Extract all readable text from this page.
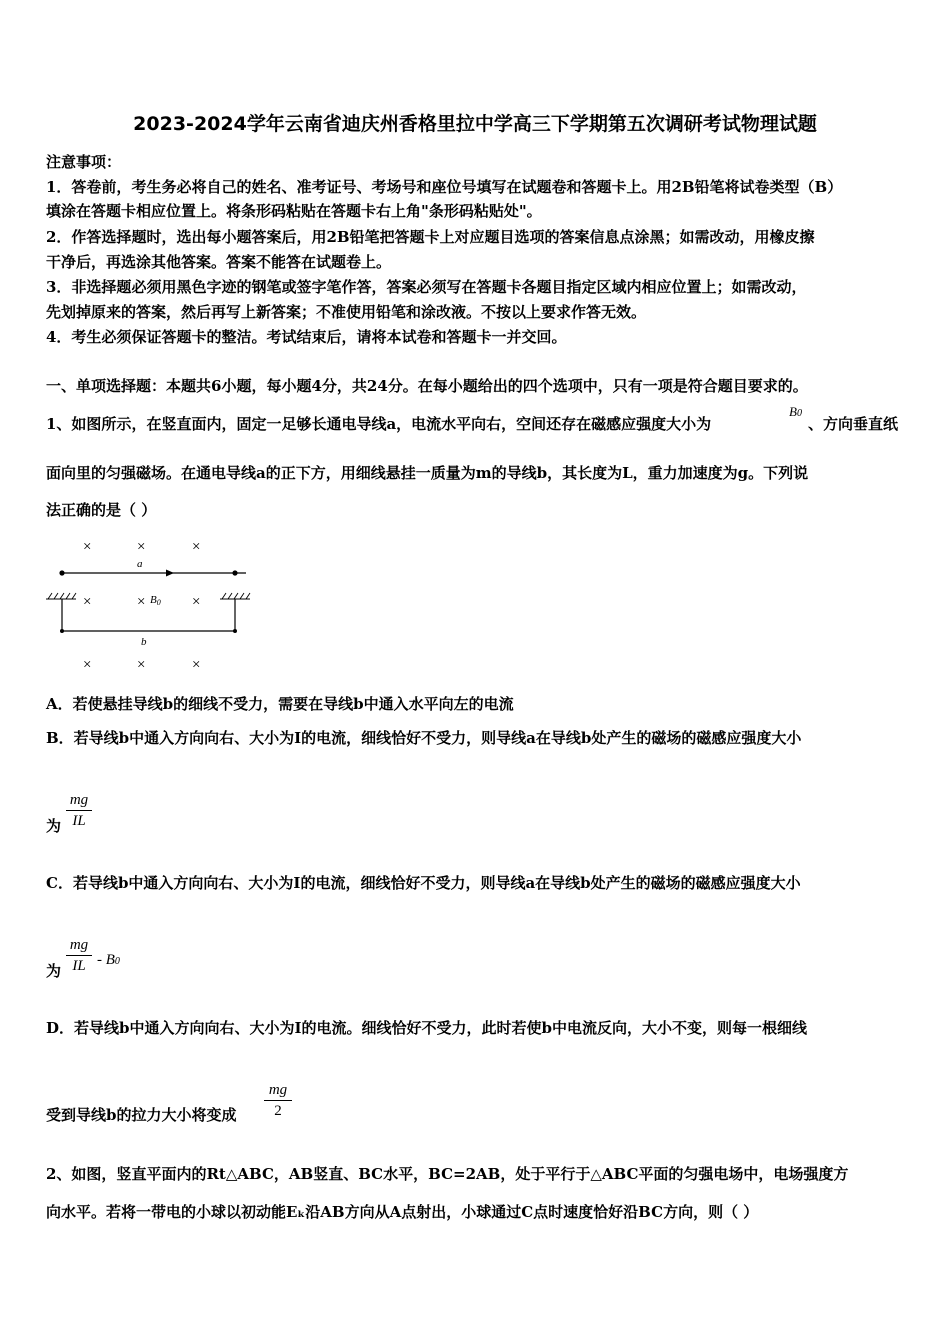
2023-2024学年云南省迪庆州香格里拉中学高三下学期第五次调研考试物理试题
注意事项：
1．答卷前，考生务必将自己的姓名、准考证号、考场号和座位号填写在试题卷和答题卡上。用2B铅笔将试卷类型（B）
填涂在答题卡相应位置上。将条形码粘贴在答题卡右上角"条形码粘贴处"。
2．作答选择题时，选出每小题答案后，用2B铅笔把答题卡上对应题目选项的答案信息点涂黑；如需改动，用橡皮擦
干净后，再选涂其他答案。答案不能答在试题卷上。
3．非选择题必须用黑色字迹的钢笔或签字笔作答，答案必须写在答题卡各题目指定区域内相应位置上；如需改动，
先划掉原来的答案，然后再写上新答案；不准使用铅笔和涂改液。不按以上要求作答无效。
4．考生必须保证答题卡的整洁。考试结束后，请将本试卷和答题卡一并交回。
一、单项选择题：本题共6小题，每小题4分，共24分。在每小题给出的四个选项中，只有一项是符合题目要求的。
1、如图所示，在竖直面内，固定一足够长通电导线a，电流水平向右，空间还存在磁感应强度大小为
B0
、方向垂直纸
面向里的匀强磁场。在通电导线a的正下方，用细线悬挂一质量为m的导线b，其长度为L，重力加速度为g。下列说
法正确的是（ ）
×	×	×
a
×	×	×
B0
b
×	×	×
A．若使悬挂导线b的细线不受力，需要在导线b中通入水平向左的电流
B．若导线b中通入方向向右、大小为I的电流，细线恰好不受力，则导线a在导线b处产生的磁场的磁感应强度大小
为
mg
IL
C．若导线b中通入方向向右、大小为I的电流，细线恰好不受力，则导线a在导线b处产生的磁场的磁感应强度大小
为
mg
IL - B0
D．若导线b中通入方向向右、大小为I的电流。细线恰好不受力，此时若使b中电流反向，大小不变，则每一根细线
受到导线b的拉力大小将变成
mg
2
2、如图，竖直平面内的Rt△ABC，AB竖直、BC水平，BC=2AB，处于平行于△ABC平面的匀强电场中，电场强度方
向水平。若将一带电的小球以初动能Eₖ沿AB方向从A点射出，小球通过C点时速度恰好沿BC方向，则（ ）
